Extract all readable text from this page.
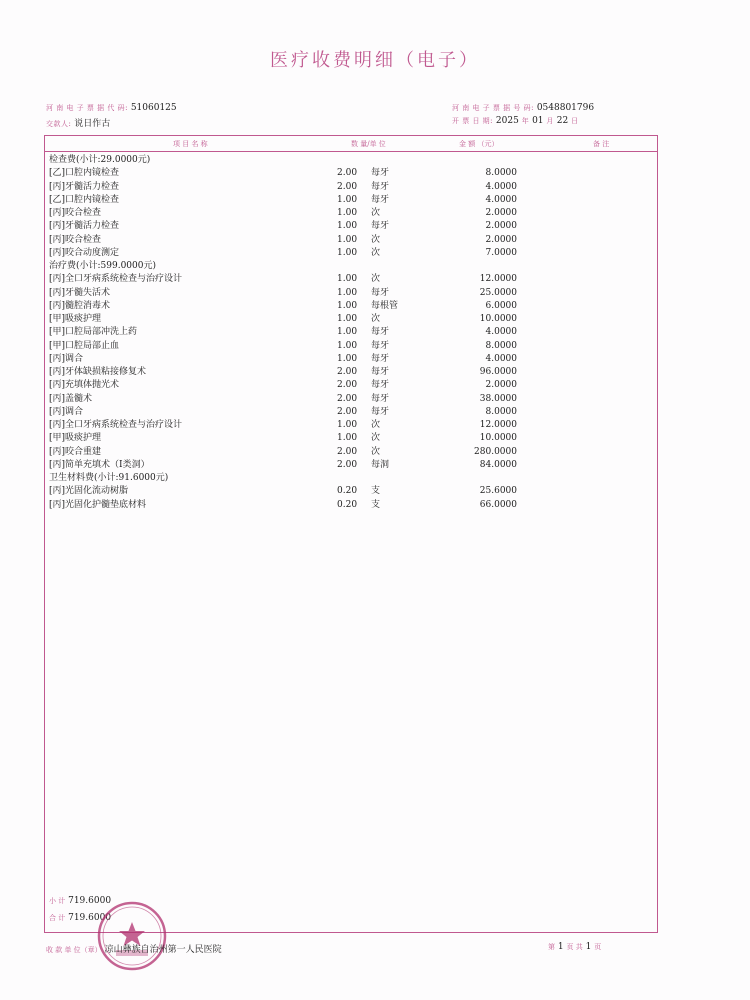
医疗收费明细（电子）
河 南 电 子 票 据 代 码: 51060125	河 南 电 子 票 据 号 码: 0548801796
交款人: 说日作古	开 票 日 期: 2025 年 01 月 22 日
项 目 名 称	数 量/单 位	金 额 （元）	备 注
检查费(小计:29.0000元)
[乙]口腔内镜检查	2.00 每牙	8.0000
[丙]牙髓活力检查	2.00 每牙	4.0000
[乙]口腔内镜检查	1.00 每牙	4.0000
[丙]咬合检查	1.00 次	2.0000
[丙]牙髓活力检查	1.00 每牙	2.0000
[丙]咬合检查	1.00 次	2.0000
[丙]咬合动度测定	1.00 次	7.0000
治疗费(小计:599.0000元)
[丙]全口牙病系统检查与治疗设计	1.00 次	12.0000
[丙]牙髓失活术	1.00 每牙	25.0000
[丙]髓腔消毒术	1.00 每根管	6.0000
[甲]吸痰护理	1.00 次	10.0000
[甲]口腔局部冲洗上药	1.00 每牙	4.0000
[甲]口腔局部止血	1.00 每牙	8.0000
[丙]调合	1.00 每牙	4.0000
[丙]牙体缺损粘接修复术	2.00 每牙	96.0000
[丙]充填体抛光术	2.00 每牙	2.0000
[丙]盖髓术	2.00 每牙	38.0000
[丙]调合	2.00 每牙	8.0000
[丙]全口牙病系统检查与治疗设计	1.00 次	12.0000
[甲]吸痰护理	1.00 次	10.0000
[丙]咬合重建	2.00 次	280.0000
[丙]简单充填术（I类洞）	2.00 每洞	84.0000
卫生材料费(小计:91.6000元)
[丙]光固化流动树脂	0.20 支	25.6000
[丙]光固化护髓垫底材料	0.20 支	66.0000
小 计 719.6000
合 计 719.6000
收 款 单 位（章） 凉山彝族自治州第一人民医院	第 1 页 共 1 页
